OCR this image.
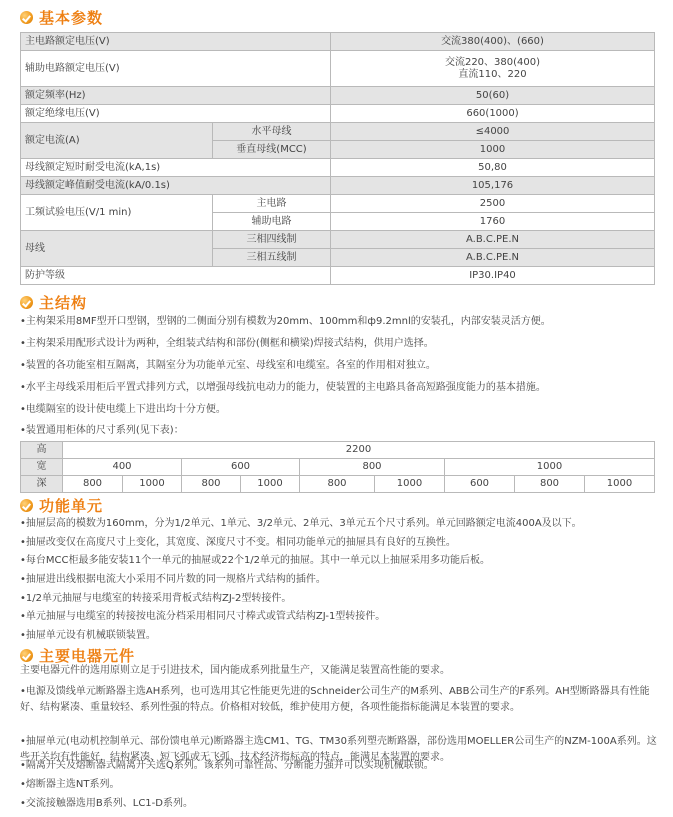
基本参数
主电路额定电压(V)		交流380(400)、(660)
辅助电路额定电压(V)		交流220、380(400)
直流110、220

额定频率(Hz)		50(60)
额定绝缘电压(V)		660(1000)
额定电流(A)	水平母线	≤4000
	垂直母线(MCC)	1000
母线额定短时耐受电流(kA,1s)		50,80
母线额定峰值耐受电流(kA/0.1s)		105,176
工频试验电压(V/1 min)	主电路	2500
	辅助电路	1760
母线	三相四线制	A.B.C.PE.N
	三相五线制	A.B.C.PE.N
防护等级		IP30.IP40
主结构
•主构架采用8MF型开口型钢，型钢的二侧面分别有模数为20mm、100mm和ф9.2mnl的安装孔，内部安装灵活方便。
•主构架采用配形式设计为两种，全组装式结构和部份(侧框和横梁)焊接式结构，供用户选择。
•装置的各功能室相互隔离，其隔室分为功能单元室、母线室和电缆室。各室的作用相对独立。
•水平主母线采用柜后平置式排列方式，以增强母线抗电动力的能力，使装置的主电路具备高短路强度能力的基本措施。
•电缆隔室的设计使电缆上下进出均十分方便。
•装置通用柜体的尺寸系列(见下表)：
高	2200								
宽	400		600		800		1000		
深	800	1000	800	1000	800	1000	600	800	1000
功能单元
•抽屉层高的模数为160mm，分为1/2单元、1单元、3/2单元、2单元、3单元五个尺寸系列。单元回路额定电流400A及以下。
•抽屉改变仅在高度尺寸上变化，其宽度、深度尺寸不变。相同功能单元的抽屉具有良好的互换性。
•每台MCC柜最多能安装11个一单元的抽屉或22个1/2单元的抽屉。其中一单元以上抽屉采用多功能后板。
•抽屉进出线根据电流大小采用不同片数的同一规格片式结构的插件。
•1/2单元抽屉与电缆室的转接采用背板式结构ZJ-2型转接件。
•单元抽屉与电缆室的转接按电流分档采用相同尺寸棒式或管式结构ZJ-1型转接件。
•抽屉单元设有机械联锁装置。
主要电器元件
主要电器元件的选用原则立足于引进技术，国内能成系列批量生产，又能满足装置高性能的要求。
•电源及馈线单元断路器主选AH系列，也可选用其它性能更先进的Schneider公司生产的M系列、ABB公司生产的F系列。AH型断路器具有性能好、结构紧凑、重量较轻、系列性强的特点。价格相对较低，维护使用方便，各项性能指标能满足本装置的要求。
•抽屉单元(电动机控制单元、部份馈电单元)断路器主选CM1、TG、TM30系列塑壳断路器，部份选用MOELLER公司生产的NZM-100A系列。这些开关均有性能好，结构紧凑、短飞弧或无飞弧、技术经济指标高的特点，能满足本装置的要求。
•隔离开关及熔断器式隔离开关选Q系列。该系列可靠性高、分断能力强并可以实现机械联锁。
•熔断器主选NT系列。
•交流接触器选用B系列、LC1-D系列。
